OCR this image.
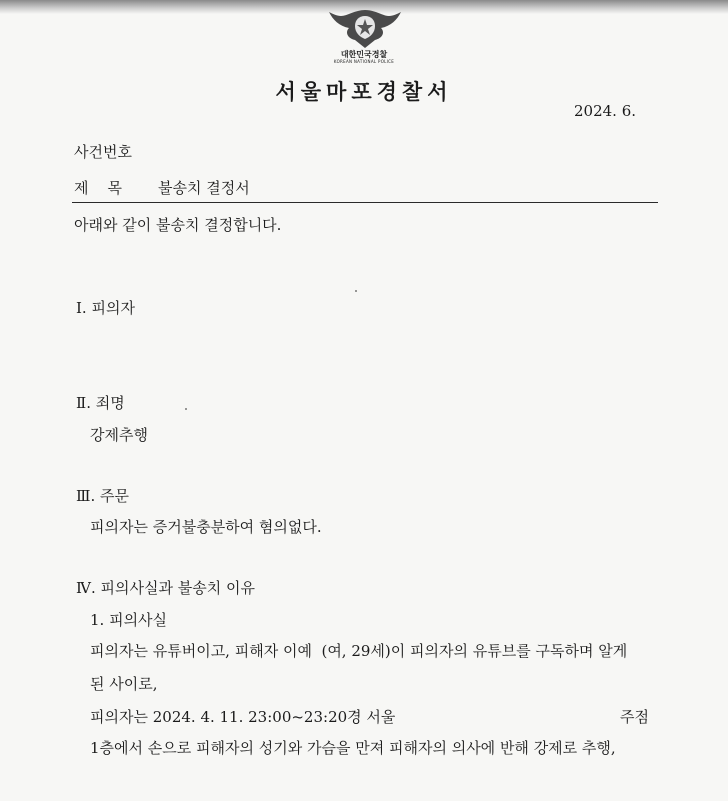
대한민국경찰
KOREAN NATIONAL POLICE
서울마포경찰서
2024. 6.
사건번호
제    목 불송치 결정서
아래와 같이 불송치 결정합니다.
Ⅰ. 피의자
Ⅱ. 죄명
강제추행
Ⅲ. 주문
피의자는 증거불충분하여 혐의없다.
Ⅳ. 피의사실과 불송치 이유
1. 피의사실
피의자는 유튜버이고, 피해자 이예  (여, 29세)이 피의자의 유튜브를 구독하며 알게
된 사이로,
피의자는 2024. 4. 11. 23:00~23:20경 서울	주점
1층에서 손으로 피해자의 성기와 가슴을 만져 피해자의 의사에 반해 강제로 추행,
